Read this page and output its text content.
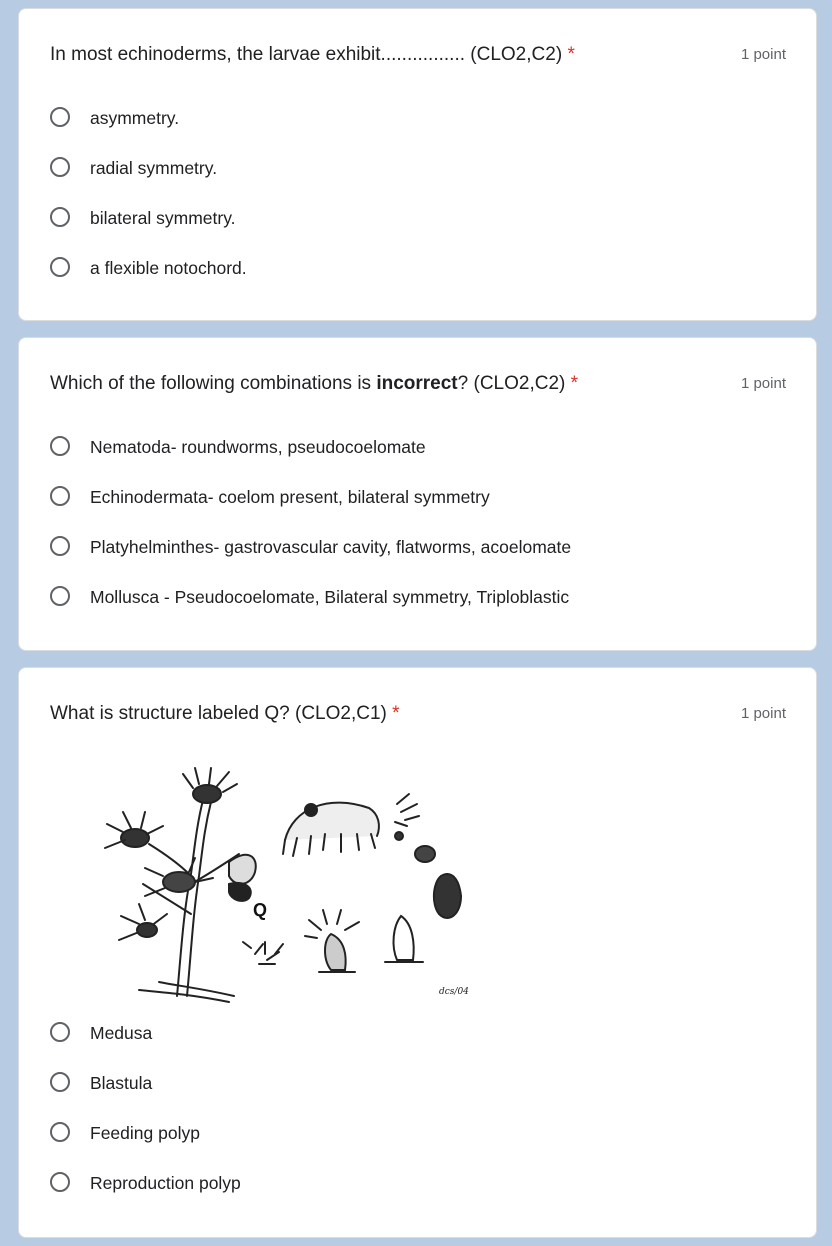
In most echinoderms, the larvae exhibit................ (CLO2,C2) *	1 point
asymmetry.
radial symmetry.
bilateral symmetry.
a flexible notochord.
Which of the following combinations is incorrect? (CLO2,C2) *	1 point
Nematoda- roundworms, pseudocoelomate
Echinodermata- coelom present, bilateral symmetry
Platyhelminthes- gastrovascular cavity, flatworms, acoelomate
Mollusca - Pseudocoelomate, Bilateral symmetry, Triploblastic
What is structure labeled Q? (CLO2,C1) *	1 point
Q
dcs/04
Medusa
Blastula
Feeding polyp
Reproduction polyp
